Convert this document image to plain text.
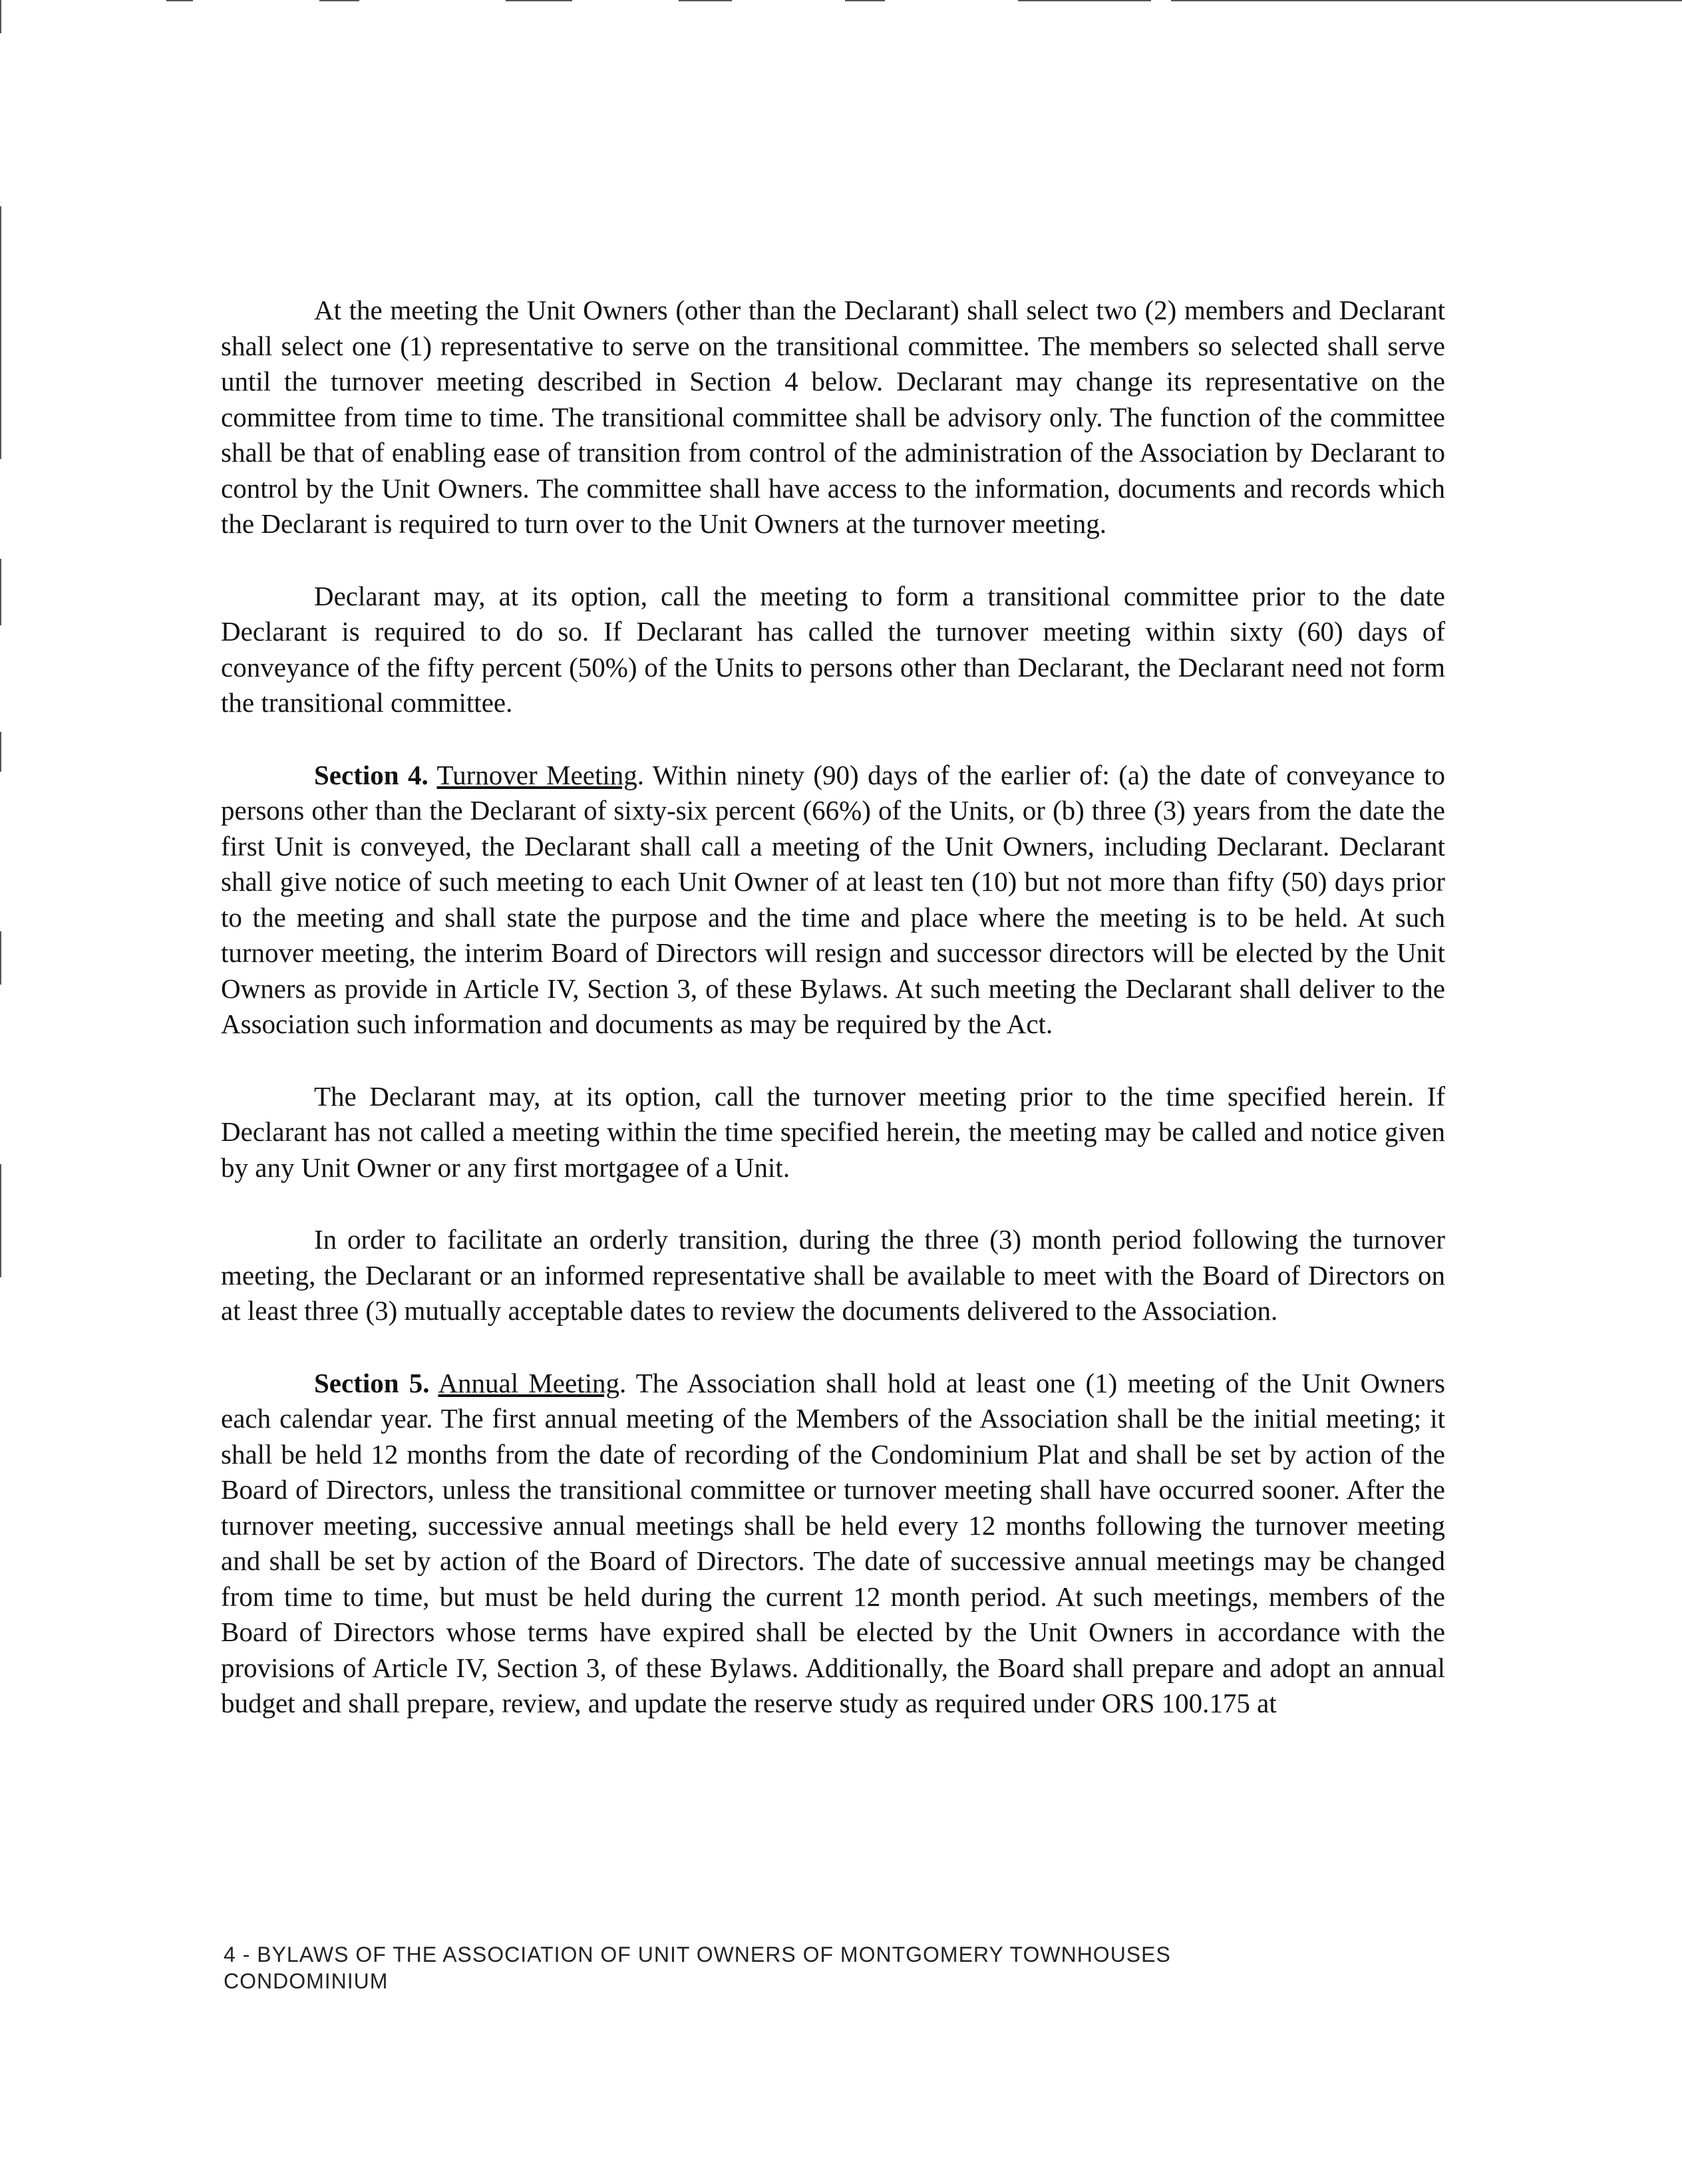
At the meeting the Unit Owners (other than the Declarant) shall select two (2) members and Declarant shall select one (1) representative to serve on the transitional committee. The members so selected shall serve until the turnover meeting described in Section 4 below. Declarant may change its representative on the committee from time to time. The transitional committee shall be advisory only. The function of the committee shall be that of enabling ease of transition from control of the administration of the Association by Declarant to control by the Unit Owners. The committee shall have access to the information, documents and records which the Declarant is required to turn over to the Unit Owners at the turnover meeting.

Declarant may, at its option, call the meeting to form a transitional committee prior to the date Declarant is required to do so. If Declarant has called the turnover meeting within sixty (60) days of conveyance of the fifty percent (50%) of the Units to persons other than Declarant, the Declarant need not form the transitional committee.

Section 4. Turnover Meeting. Within ninety (90) days of the earlier of: (a) the date of conveyance to persons other than the Declarant of sixty-six percent (66%) of the Units, or (b) three (3) years from the date the first Unit is conveyed, the Declarant shall call a meeting of the Unit Owners, including Declarant. Declarant shall give notice of such meeting to each Unit Owner of at least ten (10) but not more than fifty (50) days prior to the meeting and shall state the purpose and the time and place where the meeting is to be held. At such turnover meeting, the interim Board of Directors will resign and successor directors will be elected by the Unit Owners as provide in Article IV, Section 3, of these Bylaws. At such meeting the Declarant shall deliver to the Association such information and documents as may be required by the Act.

The Declarant may, at its option, call the turnover meeting prior to the time specified herein. If Declarant has not called a meeting within the time specified herein, the meeting may be called and notice given by any Unit Owner or any first mortgagee of a Unit.

In order to facilitate an orderly transition, during the three (3) month period following the turnover meeting, the Declarant or an informed representative shall be available to meet with the Board of Directors on at least three (3) mutually acceptable dates to review the documents delivered to the Association.

Section 5. Annual Meeting. The Association shall hold at least one (1) meeting of the Unit Owners each calendar year. The first annual meeting of the Members of the Association shall be the initial meeting; it shall be held 12 months from the date of recording of the Condominium Plat and shall be set by action of the Board of Directors, unless the transitional committee or turnover meeting shall have occurred sooner. After the turnover meeting, successive annual meetings shall be held every 12 months following the turnover meeting and shall be set by action of the Board of Directors. The date of successive annual meetings may be changed from time to time, but must be held during the current 12 month period. At such meetings, members of the Board of Directors whose terms have expired shall be elected by the Unit Owners in accordance with the provisions of Article IV, Section 3, of these Bylaws. Additionally, the Board shall prepare and adopt an annual budget and shall prepare, review, and update the reserve study as required under ORS 100.175 at

4 - BYLAWS OF THE ASSOCIATION OF UNIT OWNERS OF MONTGOMERY TOWNHOUSES
CONDOMINIUM
